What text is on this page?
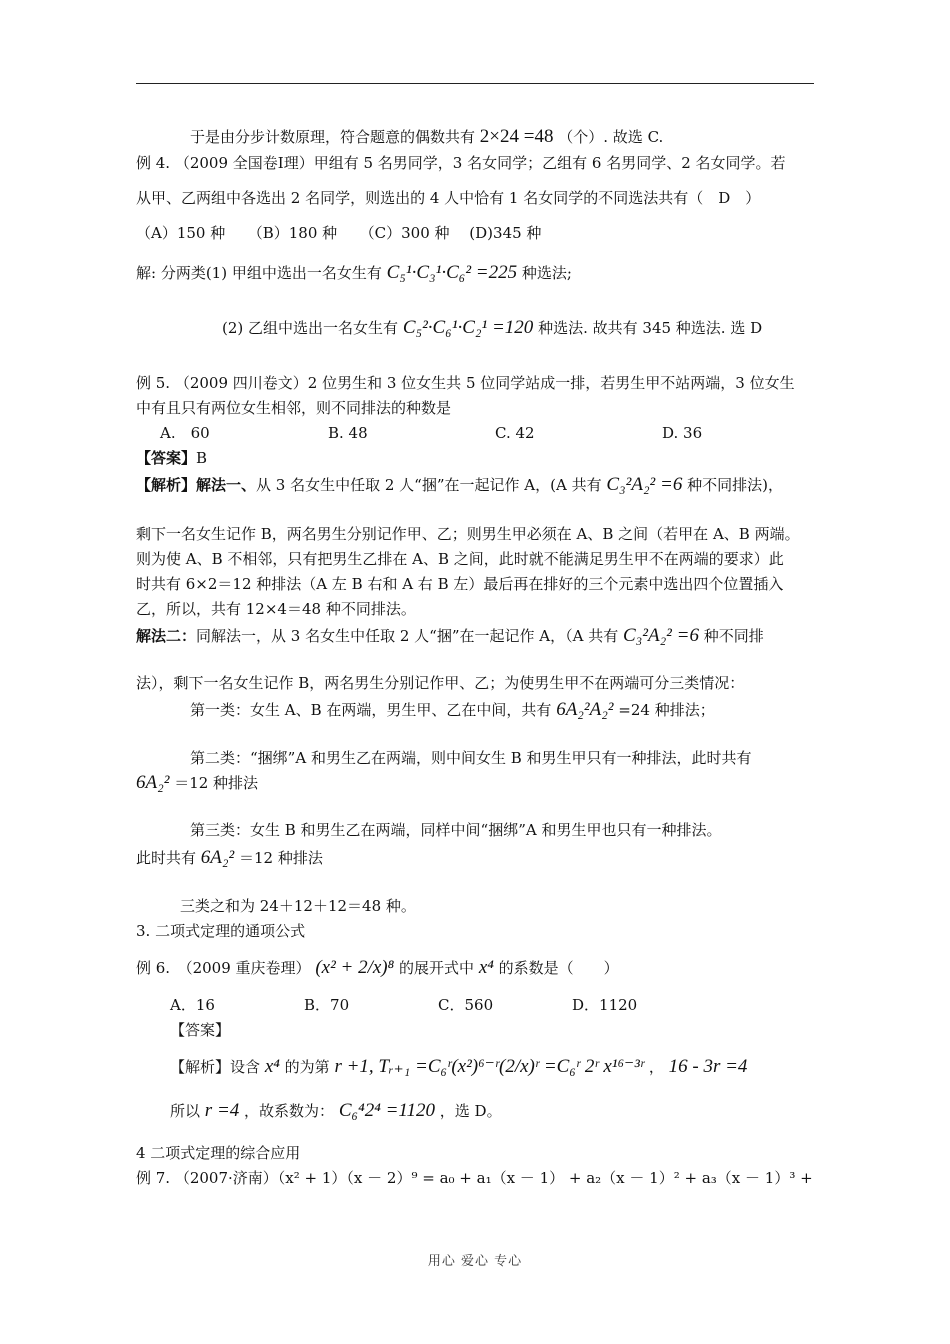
于是由分步计数原理，符合题意的偶数共有 2×24 =48 （个）. 故选 C.
例 4. （2009 全国卷Ⅰ理）甲组有 5 名男同学，3 名女同学；乙组有 6 名男同学、2 名女同学。若
从甲、乙两组中各选出 2 名同学，则选出的 4 人中恰有 1 名女同学的不同选法共有（　D　）
（A）150 种　　（B）180 种　　（C）300 种　 (D)345 种
解: 分两类(1) 甲组中选出一名女生有 C₅¹·C₃¹·C₆² =225 种选法;
(2) 乙组中选出一名女生有 C₅²·C₆¹·C₂¹ =120 种选法. 故共有 345 种选法. 选 D
例 5. （2009 四川卷文）2 位男生和 3 位女生共 5 位同学站成一排，若男生甲不站两端，3 位女生
中有且只有两位女生相邻，则不同排法的种数是
A.　60	B. 48	C. 42	D. 36
【答案】B
【解析】解法一、从 3 名女生中任取 2 人“捆”在一起记作 A，(A 共有 C₃²A₂² =6 种不同排法)，
剩下一名女生记作 B，两名男生分别记作甲、乙；则男生甲必须在 A、B 之间（若甲在 A、B 两端。
则为使 A、B 不相邻，只有把男生乙排在 A、B 之间，此时就不能满足男生甲不在两端的要求）此
时共有 6×2＝12 种排法（A 左 B 右和 A 右 B 左）最后再在排好的三个元素中选出四个位置插入
乙，所以，共有 12×4＝48 种不同排法。
解法二：同解法一，从 3 名女生中任取 2 人“捆”在一起记作 A，（A 共有 C₃²A₂² =6 种不同排
法），剩下一名女生记作 B，两名男生分别记作甲、乙；为使男生甲不在两端可分三类情况：
第一类：女生 A、B 在两端，男生甲、乙在中间，共有 6A₂²A₂² =24 种排法；
第二类：“捆绑”A 和男生乙在两端，则中间女生 B 和男生甲只有一种排法，此时共有
6A₂² ＝12 种排法
第三类：女生 B 和男生乙在两端，同样中间“捆绑”A 和男生甲也只有一种排法。
此时共有 6A₂² ＝12 种排法
三类之和为 24＋12＋12＝48 种。
3. 二项式定理的通项公式
例 6.　（2009 重庆卷理） (x² + 2/x)⁸ 的展开式中 x⁴ 的系数是（　　）
A．16	B．70	C．560	D．1120
【答案】
【解析】设含 x⁴ 的为第 r +1, Tᵣ₊₁ =C₆ʳ(x²)⁶⁻ʳ(2/x)ʳ =C₆ʳ 2ʳ x¹⁶⁻³ʳ ， 16 - 3r =4
所以 r =4 ，故系数为： C₆⁴2⁴ =1120 ，选 D。
4 二项式定理的综合应用
例 7. （2007·济南）（x² + 1）（x － 2）⁹ = a₀ + a₁（x － 1） + a₂（x － 1）² + a₃（x － 1）³ +
用心 爱心 专心
